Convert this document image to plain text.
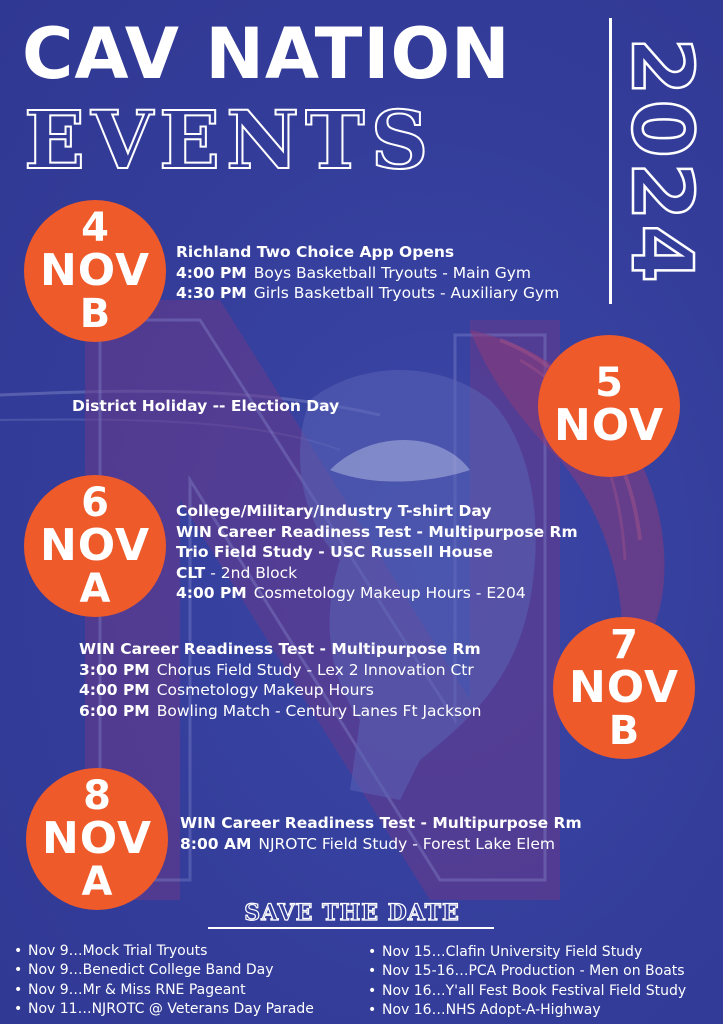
CAV NATION
EVENTS 2024
4
NOV
B
Richland Two Choice App Opens
4:00 PM Boys Basketball Tryouts - Main Gym
4:30 PM Girls Basketball Tryouts - Auxiliary Gym
5
NOV
District Holiday -- Election Day
6
NOV
A
College/Military/Industry T-shirt Day
WIN Career Readiness Test - Multipurpose Rm
Trio Field Study - USC Russell House
CLT - 2nd Block
4:00 PM Cosmetology Makeup Hours - E204
7
NOV
B
WIN Career Readiness Test - Multipurpose Rm
3:00 PM Chorus Field Study - Lex 2 Innovation Ctr
4:00 PM Cosmetology Makeup Hours
6:00 PM Bowling Match - Century Lanes Ft Jackson
8
NOV
A
WIN Career Readiness Test - Multipurpose Rm
8:00 AM NJROTC Field Study - Forest Lake Elem
SAVE THE DATE
• Nov 9…Mock Trial Tryouts
• Nov 9…Benedict College Band Day
• Nov 9…Mr & Miss RNE Pageant
• Nov 11…NJROTC @ Veterans Day Parade
• Nov 15…Clafin University Field Study
• Nov 15-16…PCA Production - Men on Boats
• Nov 16…Y'all Fest Book Festival Field Study
• Nov 16…NHS Adopt-A-Highway
